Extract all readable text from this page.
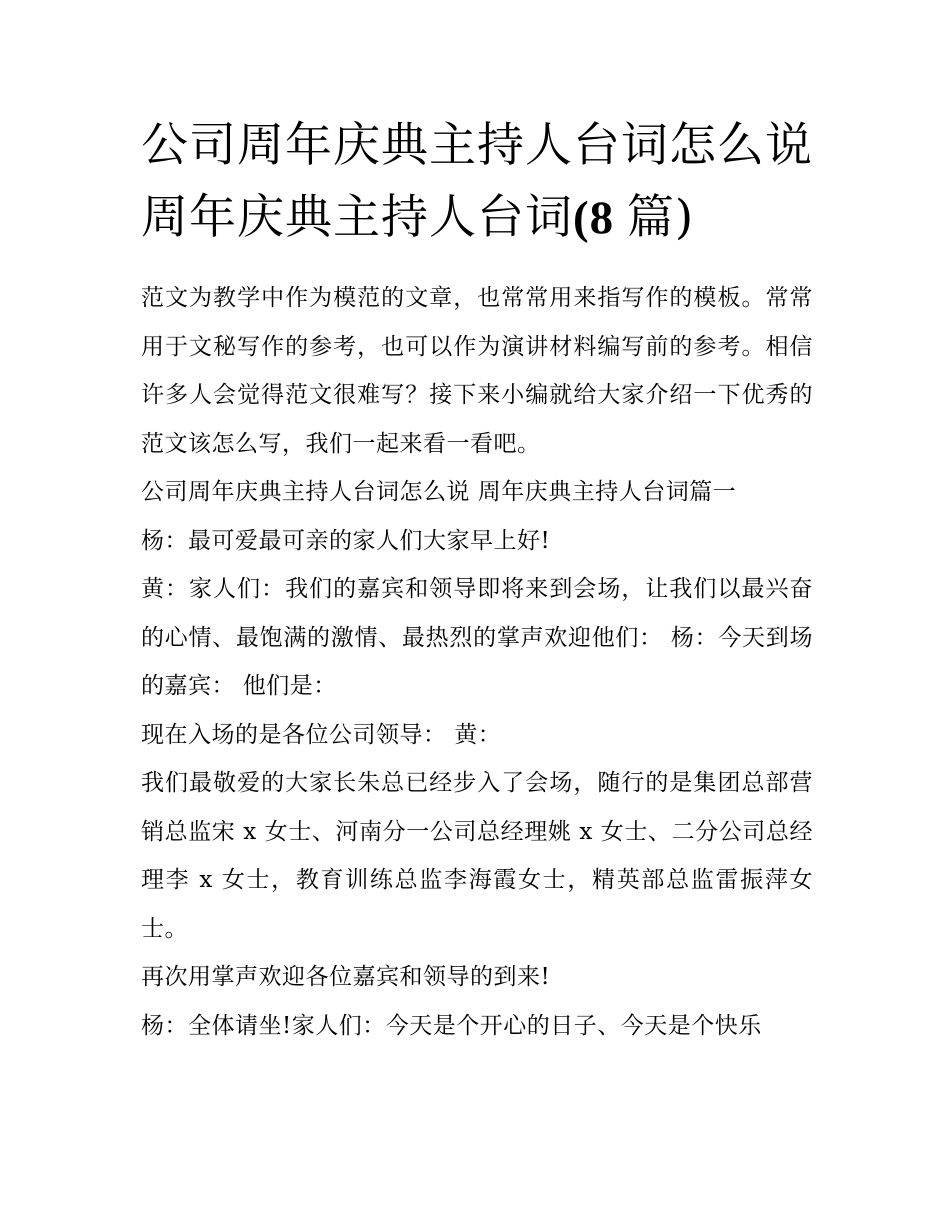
公司周年庆典主持人台词怎么说 周年庆典主持人台词(8 篇)

范文为教学中作为模范的文章，也常常用来指写作的模板。常常用于文秘写作的参考，也可以作为演讲材料编写前的参考。相信许多人会觉得范文很难写？接下来小编就给大家介绍一下优秀的范文该怎么写，我们一起来看一看吧。

公司周年庆典主持人台词怎么说 周年庆典主持人台词篇一

杨：最可爱最可亲的家人们大家早上好!

黄：家人们：我们的嘉宾和领导即将来到会场，让我们以最兴奋的心情、最饱满的激情、最热烈的掌声欢迎他们： 杨：今天到场的嘉宾： 他们是：

现在入场的是各位公司领导： 黄：

我们最敬爱的大家长朱总已经步入了会场，随行的是集团总部营销总监宋 x 女士、河南分一公司总经理姚 x 女士、二分公司总经理李 x 女士，教育训练总监李海霞女士，精英部总监雷振萍女士。

再次用掌声欢迎各位嘉宾和领导的到来!

杨：全体请坐!家人们：今天是个开心的日子、今天是个快乐
